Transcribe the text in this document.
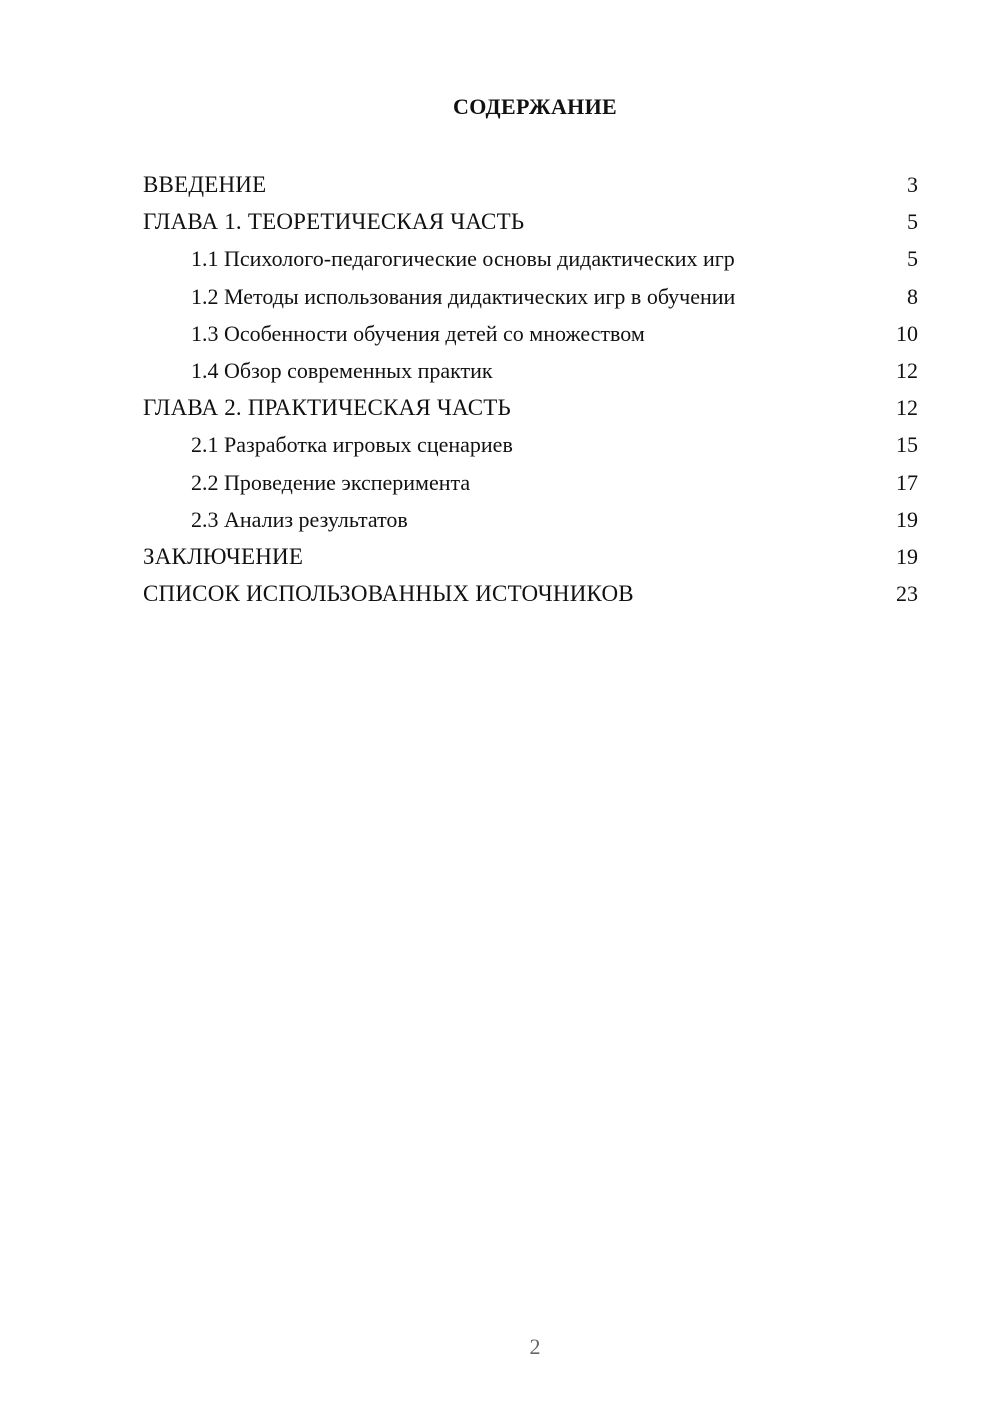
СОДЕРЖАНИЕ
ВВЕДЕНИЕ	3
ГЛАВА 1. ТЕОРЕТИЧЕСКАЯ ЧАСТЬ	5
1.1 Психолого-педагогические основы дидактических игр	5
1.2 Методы использования дидактических игр в обучении	8
1.3 Особенности обучения детей со множеством	10
1.4 Обзор современных практик	12
ГЛАВА 2. ПРАКТИЧЕСКАЯ ЧАСТЬ	12
2.1 Разработка игровых сценариев	15
2.2 Проведение эксперимента	17
2.3 Анализ результатов	19
ЗАКЛЮЧЕНИЕ	19
СПИСОК ИСПОЛЬЗОВАННЫХ ИСТОЧНИКОВ	23
2
